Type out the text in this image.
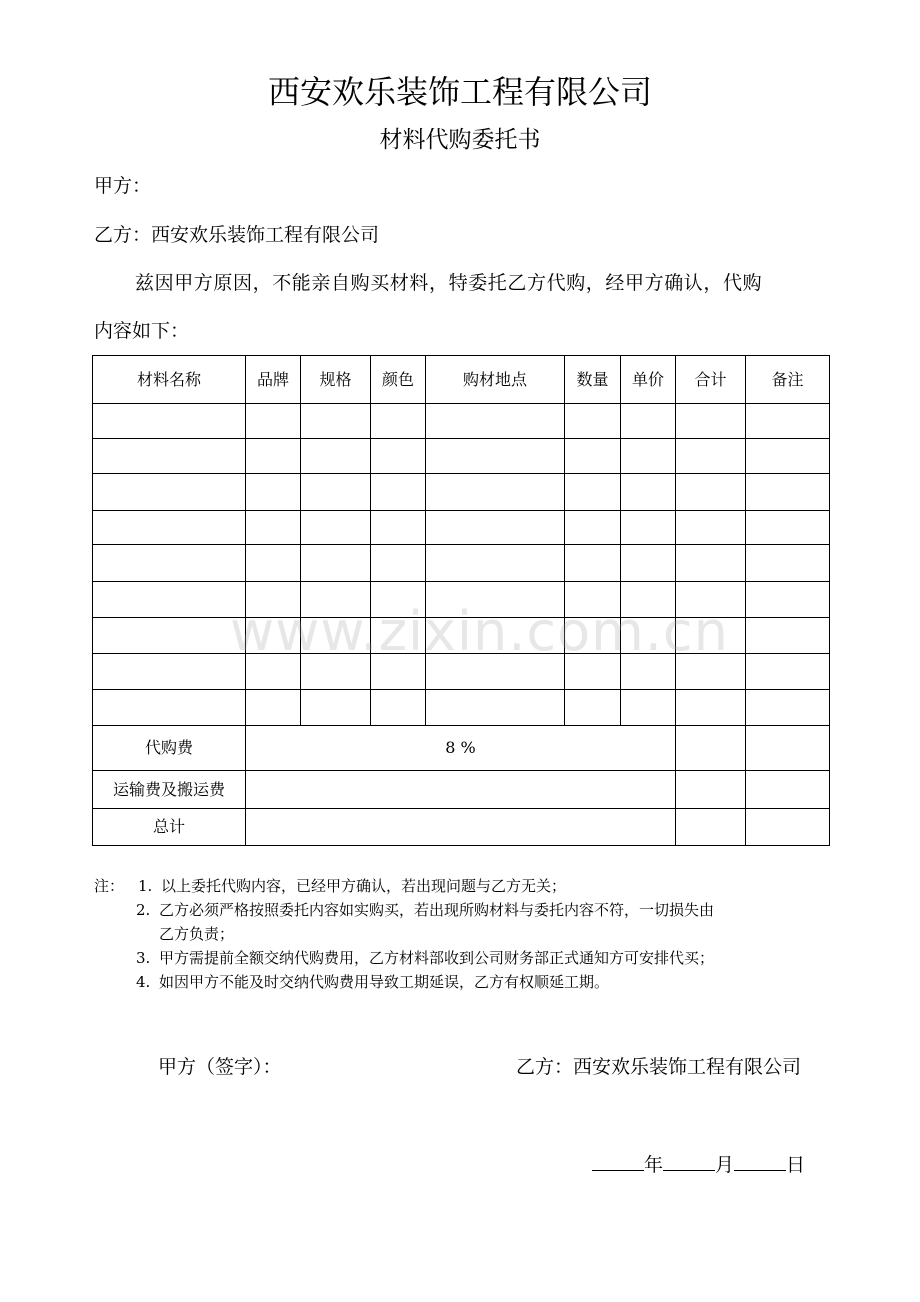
西安欢乐装饰工程有限公司
材料代购委托书
甲方：
乙方：西安欢乐装饰工程有限公司
兹因甲方原因，不能亲自购买材料，特委托乙方代购，经甲方确认，代购
内容如下：
材料名称	品牌	规格	颜色	购材地点	数量	单价	合计	备注

代购费	8 %							
运输费及搬运费								
总计								
www.zixin.com.cn
注： 1. 以上委托代购内容，已经甲方确认，若出现问题与乙方无关；
2. 乙方必须严格按照委托内容如实购买，若出现所购材料与委托内容不符，一切损失由
乙方负责；
3. 甲方需提前全额交纳代购费用，乙方材料部收到公司财务部正式通知方可安排代买；
4. 如因甲方不能及时交纳代购费用导致工期延误，乙方有权顺延工期。
甲方（签字）：	乙方：西安欢乐装饰工程有限公司
年	月	日
